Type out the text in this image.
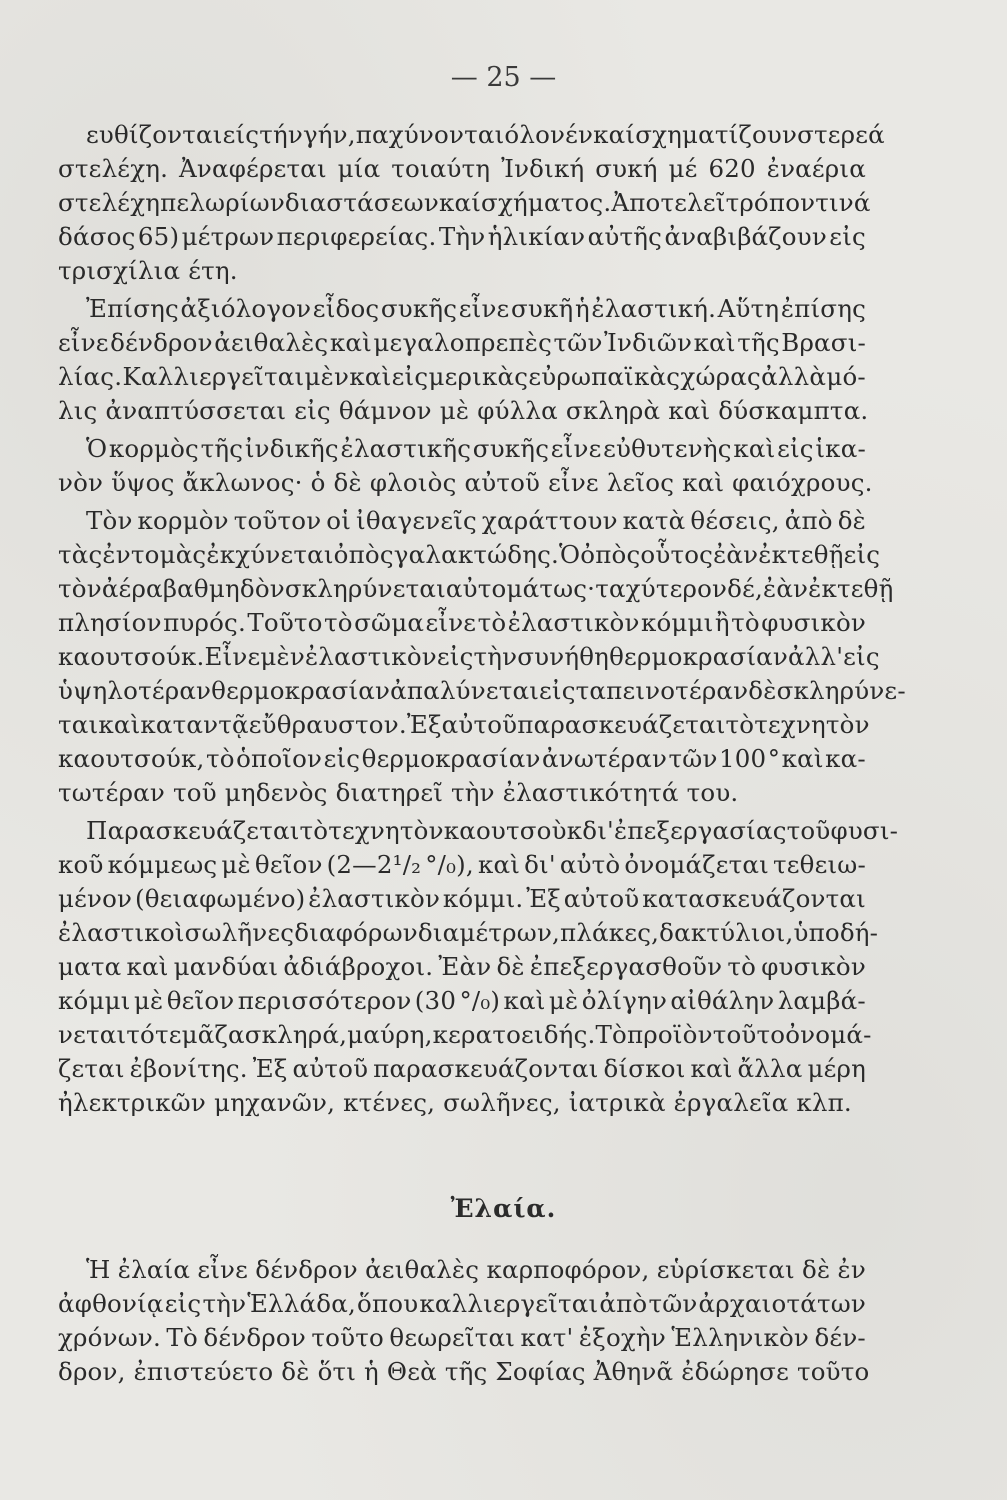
— 25 —
ευθίζονται είς τήν γήν, παχύνονται όλονέν καί σχηματίζουν στερεά
στελέχη. Ἀναφέρεται μία τοιαύτη Ἰνδική συκή μέ 620 ἐναέρια
στελέχη πελωρίων διαστάσεων καί σχήματος. Ἀποτελεῖ τρόπον τινά
δάσος 65) μέτρων περιφερείας. Τὴν ἡλικίαν αὐτῆς ἀναβιβάζουν εἰς
τρισχίλια έτη.
Ἐπίσης ἀξιόλογον εἶδος συκῆς εἶνε συκῆ ἡ ἐλαστική. Αὕτη ἐπίσης
εἶνε δένδρον ἀειθαλὲς καὶ μεγαλοπρεπὲς τῶν Ἰνδιῶν καὶ τῆς Βρασι-
λίας. Καλλιεργεῖται μὲν καὶ εἰς μερικὰς εὐρωπαϊκὰς χώρας ἀλλὰ μό-
λις ἀναπτύσσεται εἰς θάμνον μὲ φύλλα σκληρὰ καὶ δύσκαμπτα.
Ὁ κορμὸς τῆς ἰνδικῆς ἐλαστικῆς συκῆς εἶνε εὐθυτενὴς καὶ εἰς ἱκα-
νὸν ὕψος ἄκλωνος· ὁ δὲ φλοιὸς αὐτοῦ εἶνε λεῖος καὶ φαιόχρους.
Τὸν κορμὸν τοῦτον οἱ ἰθαγενεῖς χαράττουν κατὰ θέσεις, ἀπὸ δὲ
τὰς ἐντομὰς ἐκχύνεται ὀπὸς γαλακτώδης.Ὁ ὀπὸς οὗτος ἐὰν ἐκτεθῇ εἰς
τὸν ἀέρα βαθμηδὸν σκληρύνεται αὐτομάτως· ταχύτερον δέ, ἐὰν ἐκτεθῇ
πλησίον πυρός. Τοῦτο τὸ σῶμα εἶνε τὸ ἐλαστικὸν κόμμι ἢ τὸ φυσικὸν
καουτσούκ. Εἶνε μὲν ἐλαστικὸν εἰς τὴν συνήθη θερμοκρασίαν ἀλλ' εἰς
ὑψηλοτέραν θερμοκρασίαν ἀπαλύνεται εἰς ταπεινοτέραν δὲ σκληρύνε-
ται καὶ καταντᾷ εὔθραυστον. Ἐξ αὐτοῦ παρασκευάζεται τὸ τεχνητὸν
καουτσούκ, τὸ ὁποῖον εἰς θερμοκρασίαν ἀνωτέραν τῶν 100 ° καὶ κα-
τωτέραν τοῦ μηδενὸς διατηρεῖ τὴν ἐλαστικότητά του.
Παρασκευάζεται τὸ τεχνητὸν καουτσοὺκ δι'ἐπεξεργασίας τοῦ φυσι-
κοῦ κόμμεως μὲ θεῖον (2—2¹/₂ °/₀), καὶ δι' αὐτὸ ὀνομάζεται τεθειω-
μένον (θειαφωμένο) ἐλαστικὸν κόμμι. Ἐξ αὐτοῦ κατασκευάζονται
ἐλαστικοὶ σωλῆνες διαφόρων διαμέτρων, πλάκες, δακτύλιοι, ὑποδή-
ματα καὶ μανδύαι ἀδιάβροχοι. Ἐὰν δὲ ἐπεξεργασθοῦν τὸ φυσικὸν
κόμμι μὲ θεῖον περισσότερον (30 °/₀) καὶ μὲ ὀλίγην αἰθάλην λαμβά-
νεται τότε μᾶζα σκληρά, μαύρη, κερατοειδής.Τὸ προϊὸν τοῦτο ὀνομά-
ζεται ἐβονίτης. Ἐξ αὐτοῦ παρασκευάζονται δίσκοι καὶ ἄλλα μέρη
ἠλεκτρικῶν μηχανῶν, κτένες, σωλῆνες, ἰατρικὰ ἐργαλεῖα κλπ.
Ἐλαία.
Ἡ ἐλαία εἶνε δένδρον ἀειθαλὲς καρποφόρον, εὑρίσκεται δὲ ἐν
ἀφθονίᾳ εἰς τὴν Ἑλλάδα, ὅπου καλλιεργεῖται ἀπὸ τῶν ἀρχαιοτάτων
χρόνων. Τὸ δένδρον τοῦτο θεωρεῖται κατ' ἐξοχὴν Ἑλληνικὸν δέν-
δρον, ἐπιστεύετο δὲ ὅτι ἡ Θεὰ τῆς Σοφίας Ἀθηνᾶ ἐδώρησε τοῦτο
